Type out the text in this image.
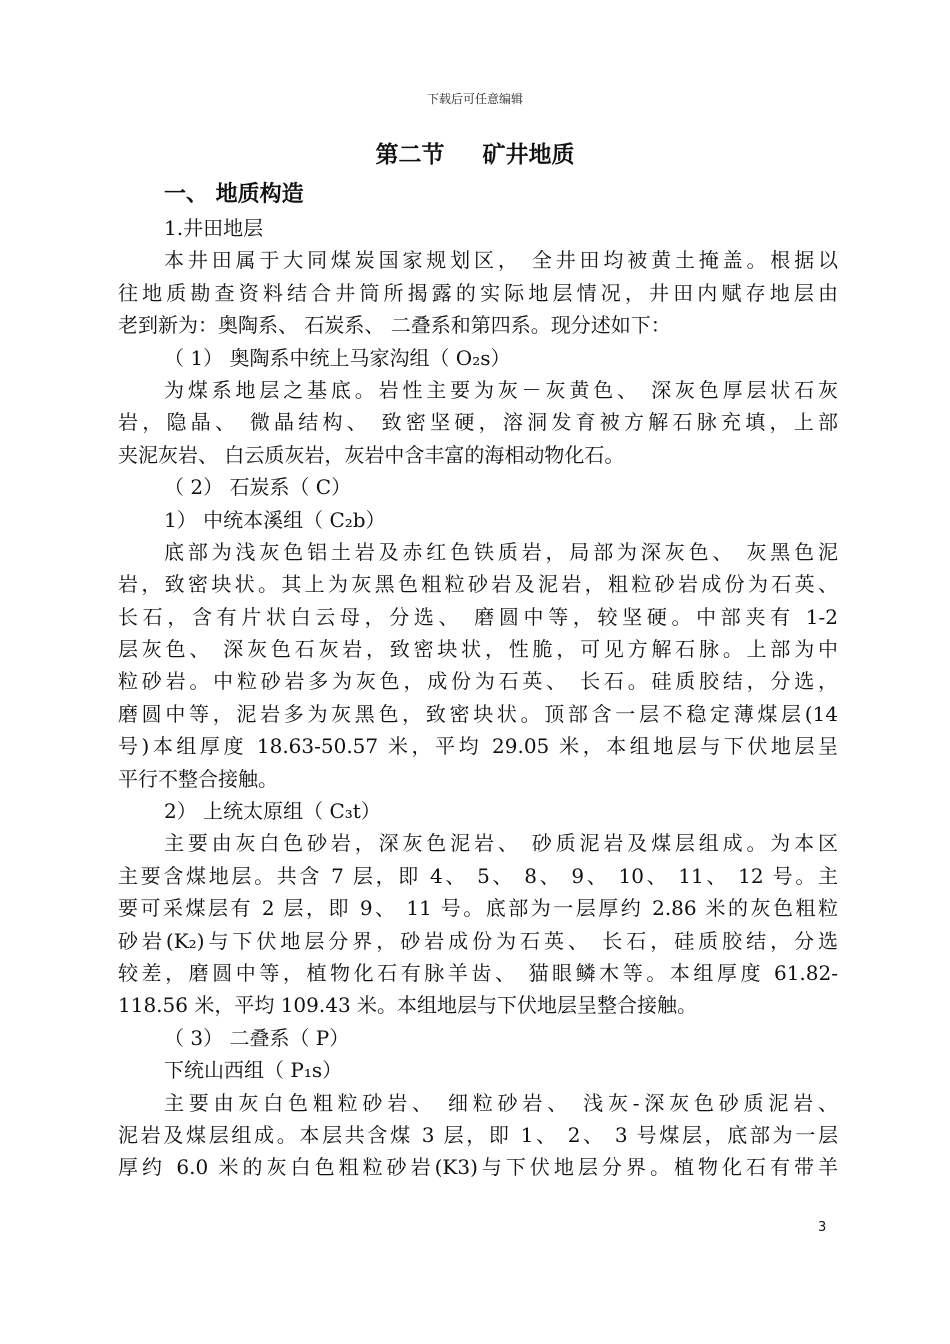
下载后可任意编辑
第二节 矿井地质
一、 地质构造
1.井田地层
本井田属于大同煤炭国家规划区， 全井田均被黄土掩盖。根据以
往地质勘查资料结合井筒所揭露的实际地层情况，井田内赋存地层由
老到新为：奥陶系、 石炭系、 二叠系和第四系。现分述如下：
（ 1） 奥陶系中统上马家沟组（ O₂s）
为煤系地层之基底。岩性主要为灰－灰黄色、 深灰色厚层状石灰
岩，隐晶、 微晶结构、 致密坚硬，溶洞发育被方解石脉充填，上部
夹泥灰岩、 白云质灰岩，灰岩中含丰富的海相动物化石。
（ 2） 石炭系（ C）
1） 中统本溪组（ C₂b）
底部为浅灰色铝土岩及赤红色铁质岩，局部为深灰色、 灰黑色泥
岩，致密块状。其上为灰黑色粗粒砂岩及泥岩，粗粒砂岩成份为石英、
长石，含有片状白云母，分选、 磨圆中等，较坚硬。中部夹有 1-2
层灰色、 深灰色石灰岩，致密块状，性脆，可见方解石脉。上部为中
粒砂岩。中粒砂岩多为灰色，成份为石英、 长石。硅质胶结，分选，
磨圆中等，泥岩多为灰黑色，致密块状。顶部含一层不稳定薄煤层(14
号)本组厚度 18.63-50.57 米，平均 29.05 米，本组地层与下伏地层呈
平行不整合接触。
2） 上统太原组（ C₃t）
主要由灰白色砂岩，深灰色泥岩、 砂质泥岩及煤层组成。为本区
主要含煤地层。共含 7 层，即 4、 5、 8、 9、 10、 11、 12 号。主
要可采煤层有 2 层，即 9、 11 号。底部为一层厚约 2.86 米的灰色粗粒
砂岩(K₂)与下伏地层分界，砂岩成份为石英、 长石，硅质胶结，分选
较差，磨圆中等，植物化石有脉羊齿、 猫眼鳞木等。本组厚度 61.82-
118.56 米，平均 109.43 米。本组地层与下伏地层呈整合接触。
（ 3） 二叠系（ P）
下统山西组（ P₁s）
主要由灰白色粗粒砂岩、 细粒砂岩、 浅灰-深灰色砂质泥岩、
泥岩及煤层组成。本层共含煤 3 层，即 1、 2、 3 号煤层，底部为一层
厚约 6.0 米的灰白色粗粒砂岩(K3)与下伏地层分界。植物化石有带羊
3
